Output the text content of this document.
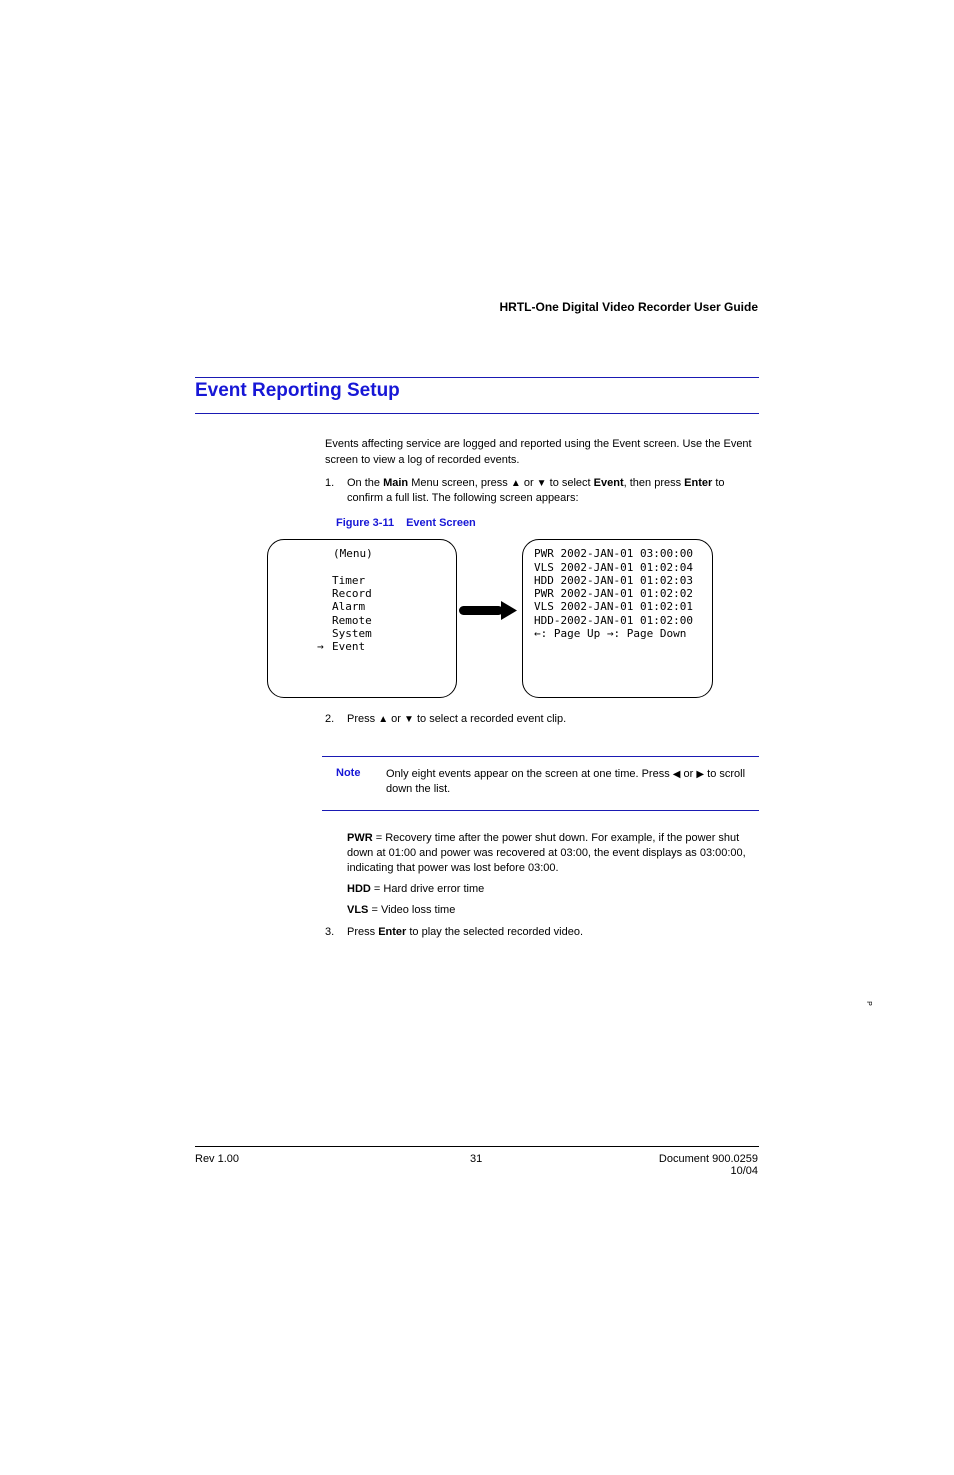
HRTL-One Digital Video Recorder User Guide
Event Reporting Setup
Events affecting service are logged and reported using the Event screen. Use the Event screen to view a log of recorded events.
1. On the Main Menu screen, press ▲ or ▼ to select Event, then press Enter to
confirm a full list. The following screen appears:
Figure 3-11 Event Screen
(Menu)
Timer
Record
Alarm
Remote
System
→ Event
PWR 2002-JAN-01 03:00:00
VLS 2002-JAN-01 01:02:04
HDD 2002-JAN-01 01:02:03
PWR 2002-JAN-01 01:02:02
VLS 2002-JAN-01 01:02:01
HDD-2002-JAN-01 01:02:00
←: Page Up →: Page Down
2. Press ▲ or ▼ to select a recorded event clip.
Note Only eight events appear on the screen at one time. Press ◀ or ▶ to scroll
down the list.
PWR = Recovery time after the power shut down. For example, if the power shut
down at 01:00 and power was recovered at 03:00, the event displays as 03:00:00,
indicating that power was lost before 03:00.
HDD = Hard drive error time
VLS = Video loss time
3. Press Enter to play the selected recorded video.
P
Rev 1.00	31	Document 900.0259
10/04
